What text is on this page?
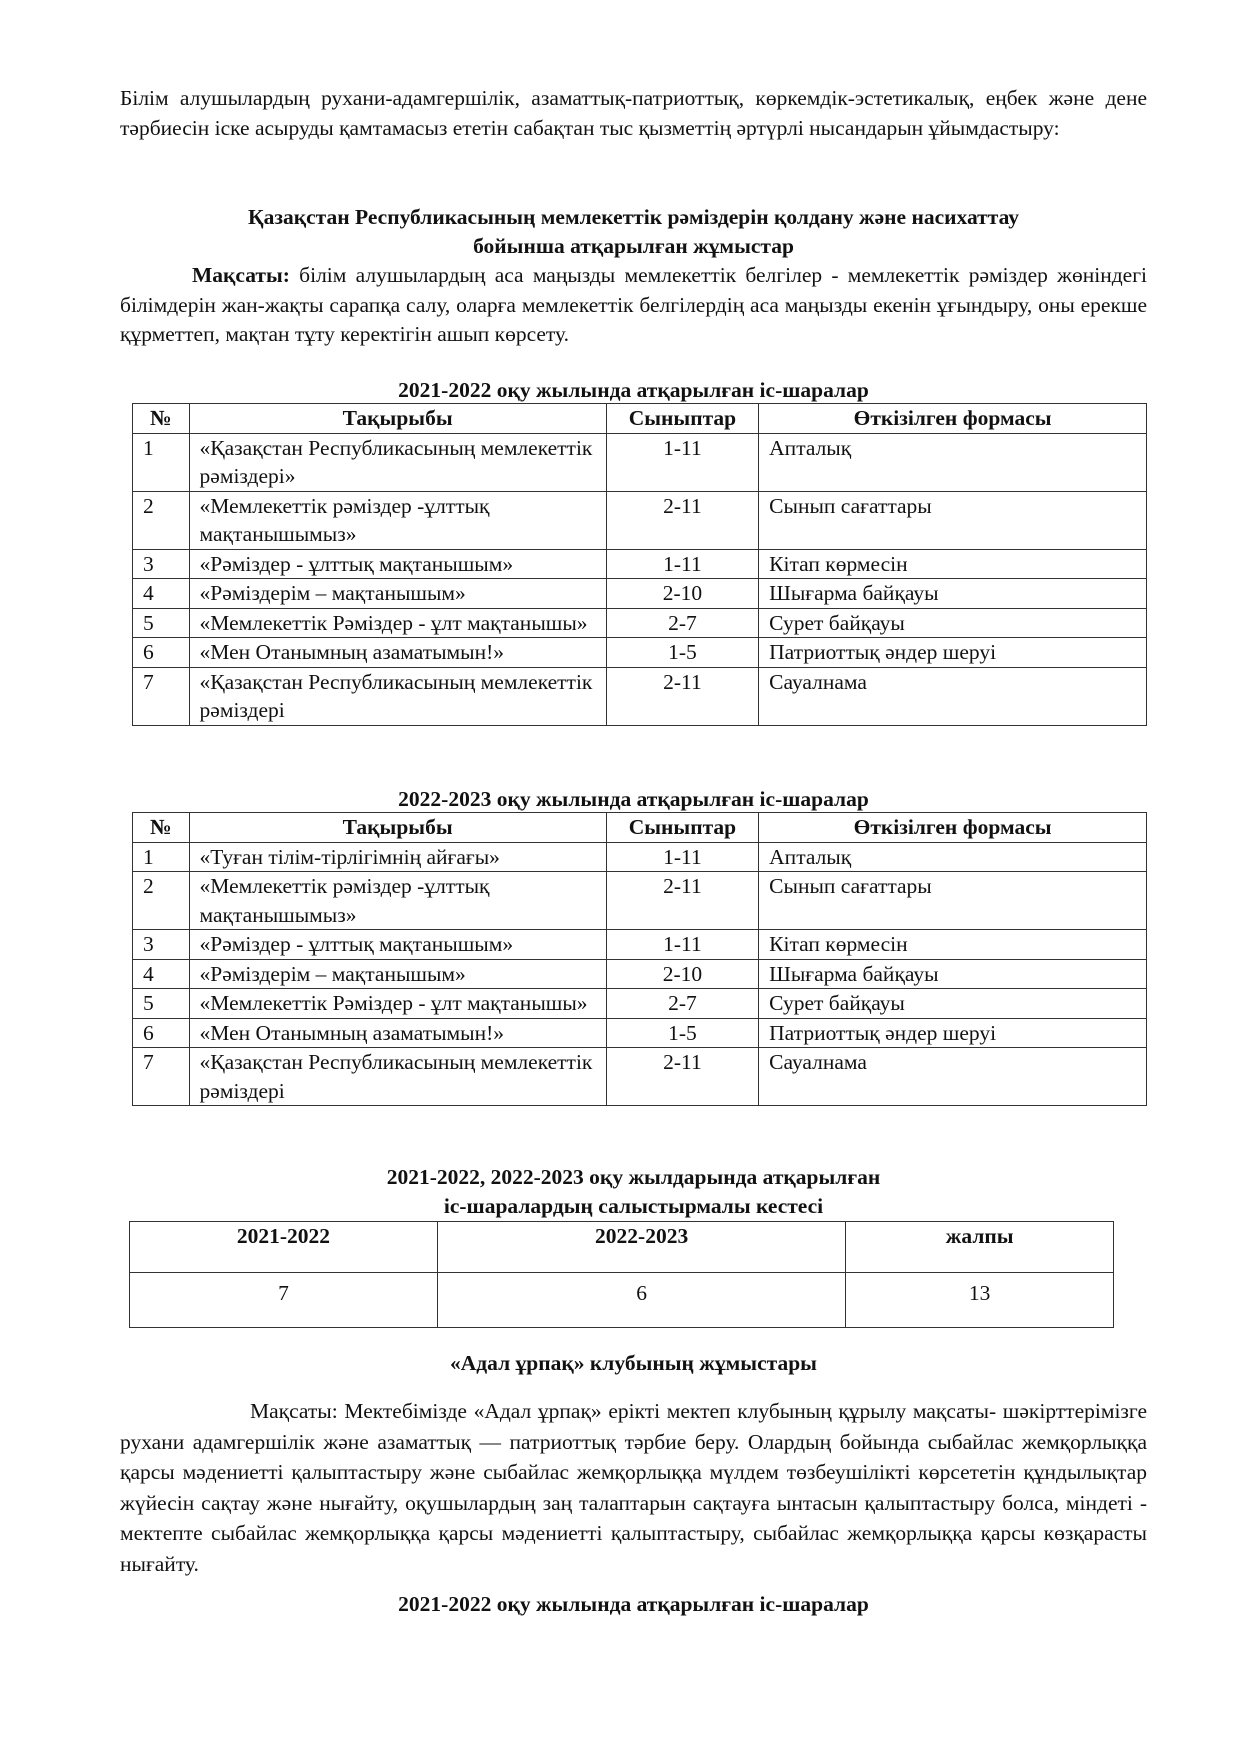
Білім алушылардың рухани-адамгершілік, азаматтық-патриоттық, көркемдік-эстетикалық, еңбек және дене тәрбиесін іске асыруды қамтамасыз ететін сабақтан тыс қызметтің әртүрлі нысандарын ұйымдастыру:

Қазақстан Республикасының мемлекеттік рәміздерін қолдану және насихаттау
бойынша атқарылған жұмыстар

Мақсаты: білім алушылардың аса маңызды мемлекеттік белгілер - мемлекеттік рәміздер жөніндегі білімдерін жан-жақты сарапқа салу, оларға мемлекеттік белгілердің аса маңызды екенін ұғындыру, оны ерекше құрметтеп, мақтан тұту керектігін ашып көрсету.

2021-2022 оқу жылында атқарылған іс-шаралар
№	Тақырыбы	Сыныптар	Өткізілген формасы
1	«Қазақстан Республикасының мемлекеттік рәміздері»	1-11	Апталық
2	«Мемлекеттік рәміздер -ұлттық мақтанышымыз»	2-11	Сынып сағаттары
3	«Рәміздер - ұлттық мақтанышым»	1-11	Кітап көрмесін
4	«Рәміздерім – мақтанышым»	2-10	Шығарма байқауы
5	«Мемлекеттік Рәміздер - ұлт мақтанышы»	2-7	Сурет байқауы
6	«Мен Отанымның азаматымын!»	1-5	Патриоттық әндер шеруі
7	«Қазақстан Республикасының мемлекеттік рәміздері	2-11	Сауалнама
2022-2023 оқу жылында атқарылған іс-шаралар
№	Тақырыбы	Сыныптар	Өткізілген формасы
1	«Туған тілім-тірлігімнің айғағы»	1-11	Апталық
2	«Мемлекеттік рәміздер -ұлттық мақтанышымыз»	2-11	Сынып сағаттары
3	«Рәміздер - ұлттық мақтанышым»	1-11	Кітап көрмесін
4	«Рәміздерім – мақтанышым»	2-10	Шығарма байқауы
5	«Мемлекеттік Рәміздер - ұлт мақтанышы»	2-7	Сурет байқауы
6	«Мен Отанымның азаматымын!»	1-5	Патриоттық әндер шеруі
7	«Қазақстан Республикасының мемлекеттік рәміздері	2-11	Сауалнама
2021-2022, 2022-2023 оқу жылдарында атқарылған
іс-шаралардың салыстырмалы кестесі
2021-2022	2022-2023	жалпы
7	6	13
«Адал ұрпақ» клубының жұмыстары

Мақсаты: Мектебімізде «Адал ұрпақ» ерікті мектеп клубының құрылу мақсаты- шәкірттерімізге рухани адамгершілік және азаматтық — патриоттық тәрбие беру. Олардың бойында сыбайлас жемқорлыққа қарсы мәдениетті қалыптастыру және сыбайлас жемқорлыққа мүлдем төзбеушілікті көрсететін құндылықтар жүйесін сақтау және нығайту, оқушылардың заң талаптарын сақтауға ынтасын қалыптастыру болса, міндеті - мектепте сыбайлас жемқорлыққа қарсы мәдениетті қалыптастыру, сыбайлас жемқорлыққа қарсы көзқарасты нығайту.

2021-2022 оқу жылында атқарылған іс-шаралар
